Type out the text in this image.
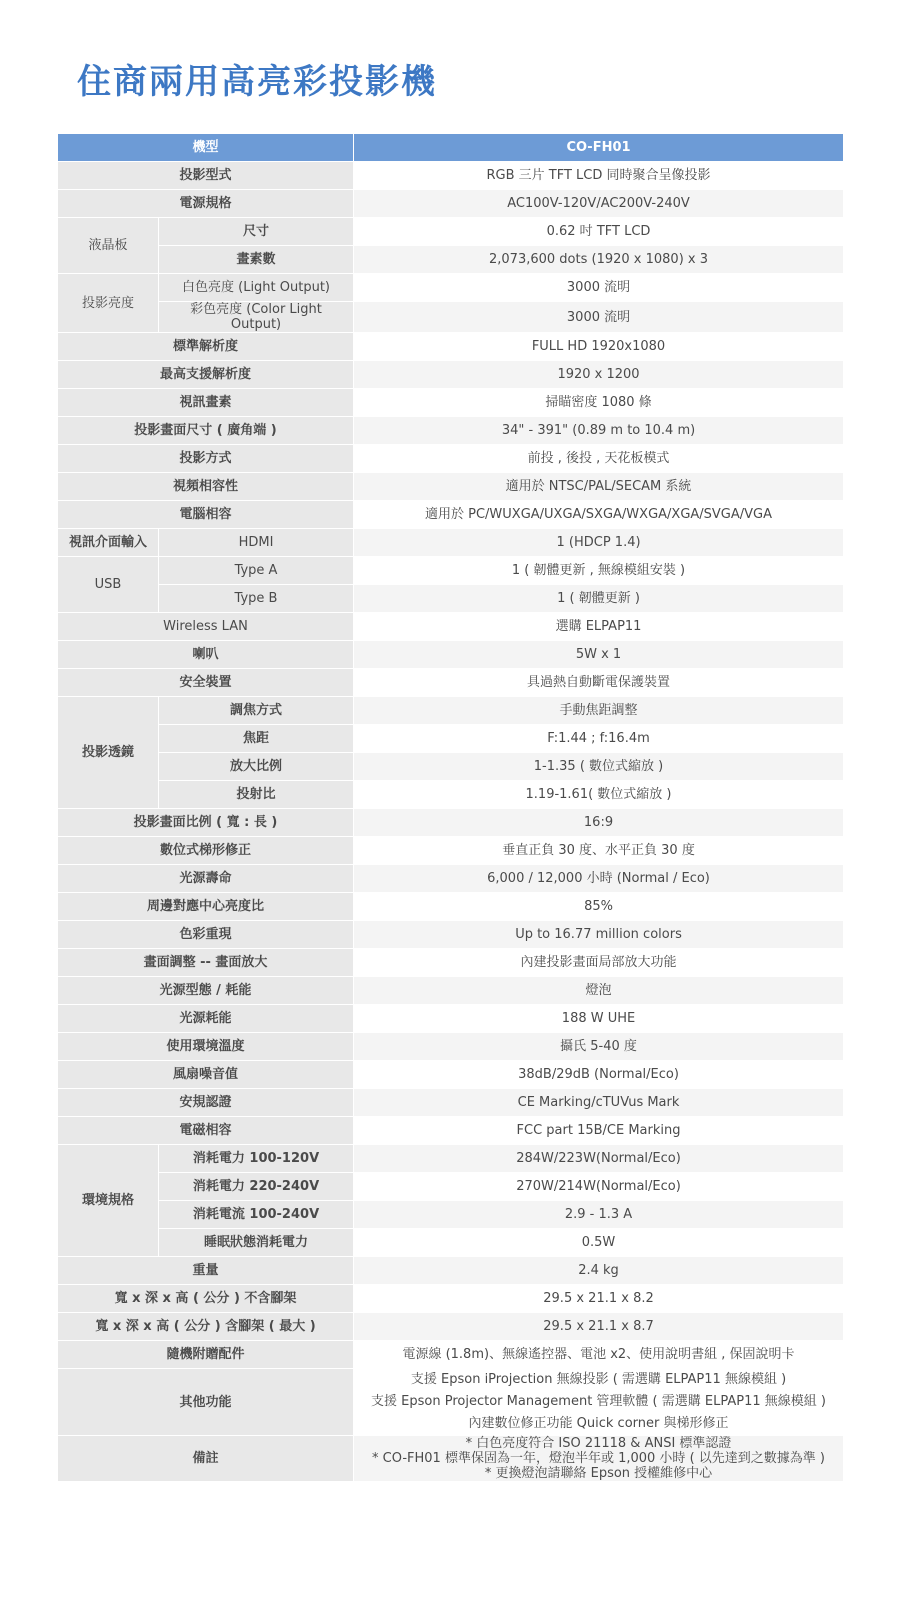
住商兩用高亮彩投影機
機型		CO-FH01
投影型式		RGB 三片 TFT LCD 同時聚合呈像投影
電源規格		AC100V-120V/AC200V-240V
液晶板	尺寸	0.62 吋 TFT LCD
	畫素數	2,073,600 dots (1920 x 1080) x 3
投影亮度	白色亮度 (Light Output)	3000 流明
	彩色亮度 (Color Light Output)	3000 流明
標準解析度		FULL HD 1920x1080
最高支援解析度		1920 x 1200
視訊畫素		掃瞄密度 1080 條
投影畫面尺寸 ( 廣角端 )		34" - 391" (0.89 m to 10.4 m)
投影方式		前投 , 後投 , 天花板模式
視頻相容性		適用於 NTSC/PAL/SECAM 系統
電腦相容		適用於 PC/WUXGA/UXGA/SXGA/WXGA/XGA/SVGA/VGA
視訊介面輸入	HDMI	1 (HDCP 1.4)
USB	Type A	1 ( 韌體更新 , 無線模組安裝 )
	Type B	1 ( 韌體更新 )
Wireless LAN		選購 ELPAP11
喇叭		5W x 1
安全裝置		具過熱自動斷電保護裝置
投影透鏡	調焦方式	手動焦距調整
	焦距	F:1.44 ; f:16.4m
	放大比例	1-1.35 ( 數位式縮放 )
	投射比	1.19-1.61( 數位式縮放 )
投影畫面比例 ( 寬 : 長 )		16:9
數位式梯形修正		垂直正負 30 度、水平正負 30 度
光源壽命		6,000 / 12,000 小時 (Normal / Eco)
周邊對應中心亮度比		85%
色彩重現		Up to 16.77 million colors
畫面調整 -- 畫面放大		內建投影畫面局部放大功能
光源型態 / 耗能		燈泡
光源耗能		188 W UHE
使用環境溫度		攝氏 5-40 度
風扇噪音值		38dB/29dB (Normal/Eco)
安規認證		CE Marking/cTUVus Mark
電磁相容		FCC part 15B/CE Marking
環境規格	消耗電力 100-120V	284W/223W(Normal/Eco)
	消耗電力 220-240V	270W/214W(Normal/Eco)
	消耗電流 100-240V	2.9 - 1.3 A
	睡眠狀態消耗電力	0.5W
重量		2.4 kg
寬 x 深 x 高 ( 公分 ) 不含腳架		29.5 x 21.1 x 8.2
寬 x 深 x 高 ( 公分 ) 含腳架 ( 最大 )		29.5 x 21.1 x 8.7
隨機附贈配件		電源線 (1.8m)、無線遙控器、電池 x2、使用說明書組 , 保固說明卡
其他功能		支援 Epson iProjection 無線投影 ( 需選購 ELPAP11 無線模組 )
支援 Epson Projector Management 管理軟體 ( 需選購 ELPAP11 無線模組 )
內建數位修正功能 Quick corner 與梯形修正

備註		* 白色亮度符合 ISO 21118 & ANSI 標準認證
* CO-FH01 標準保固為一年，燈泡半年或 1,000 小時 ( 以先達到之數據為準 )
* 更換燈泡請聯絡 Epson 授權維修中心
